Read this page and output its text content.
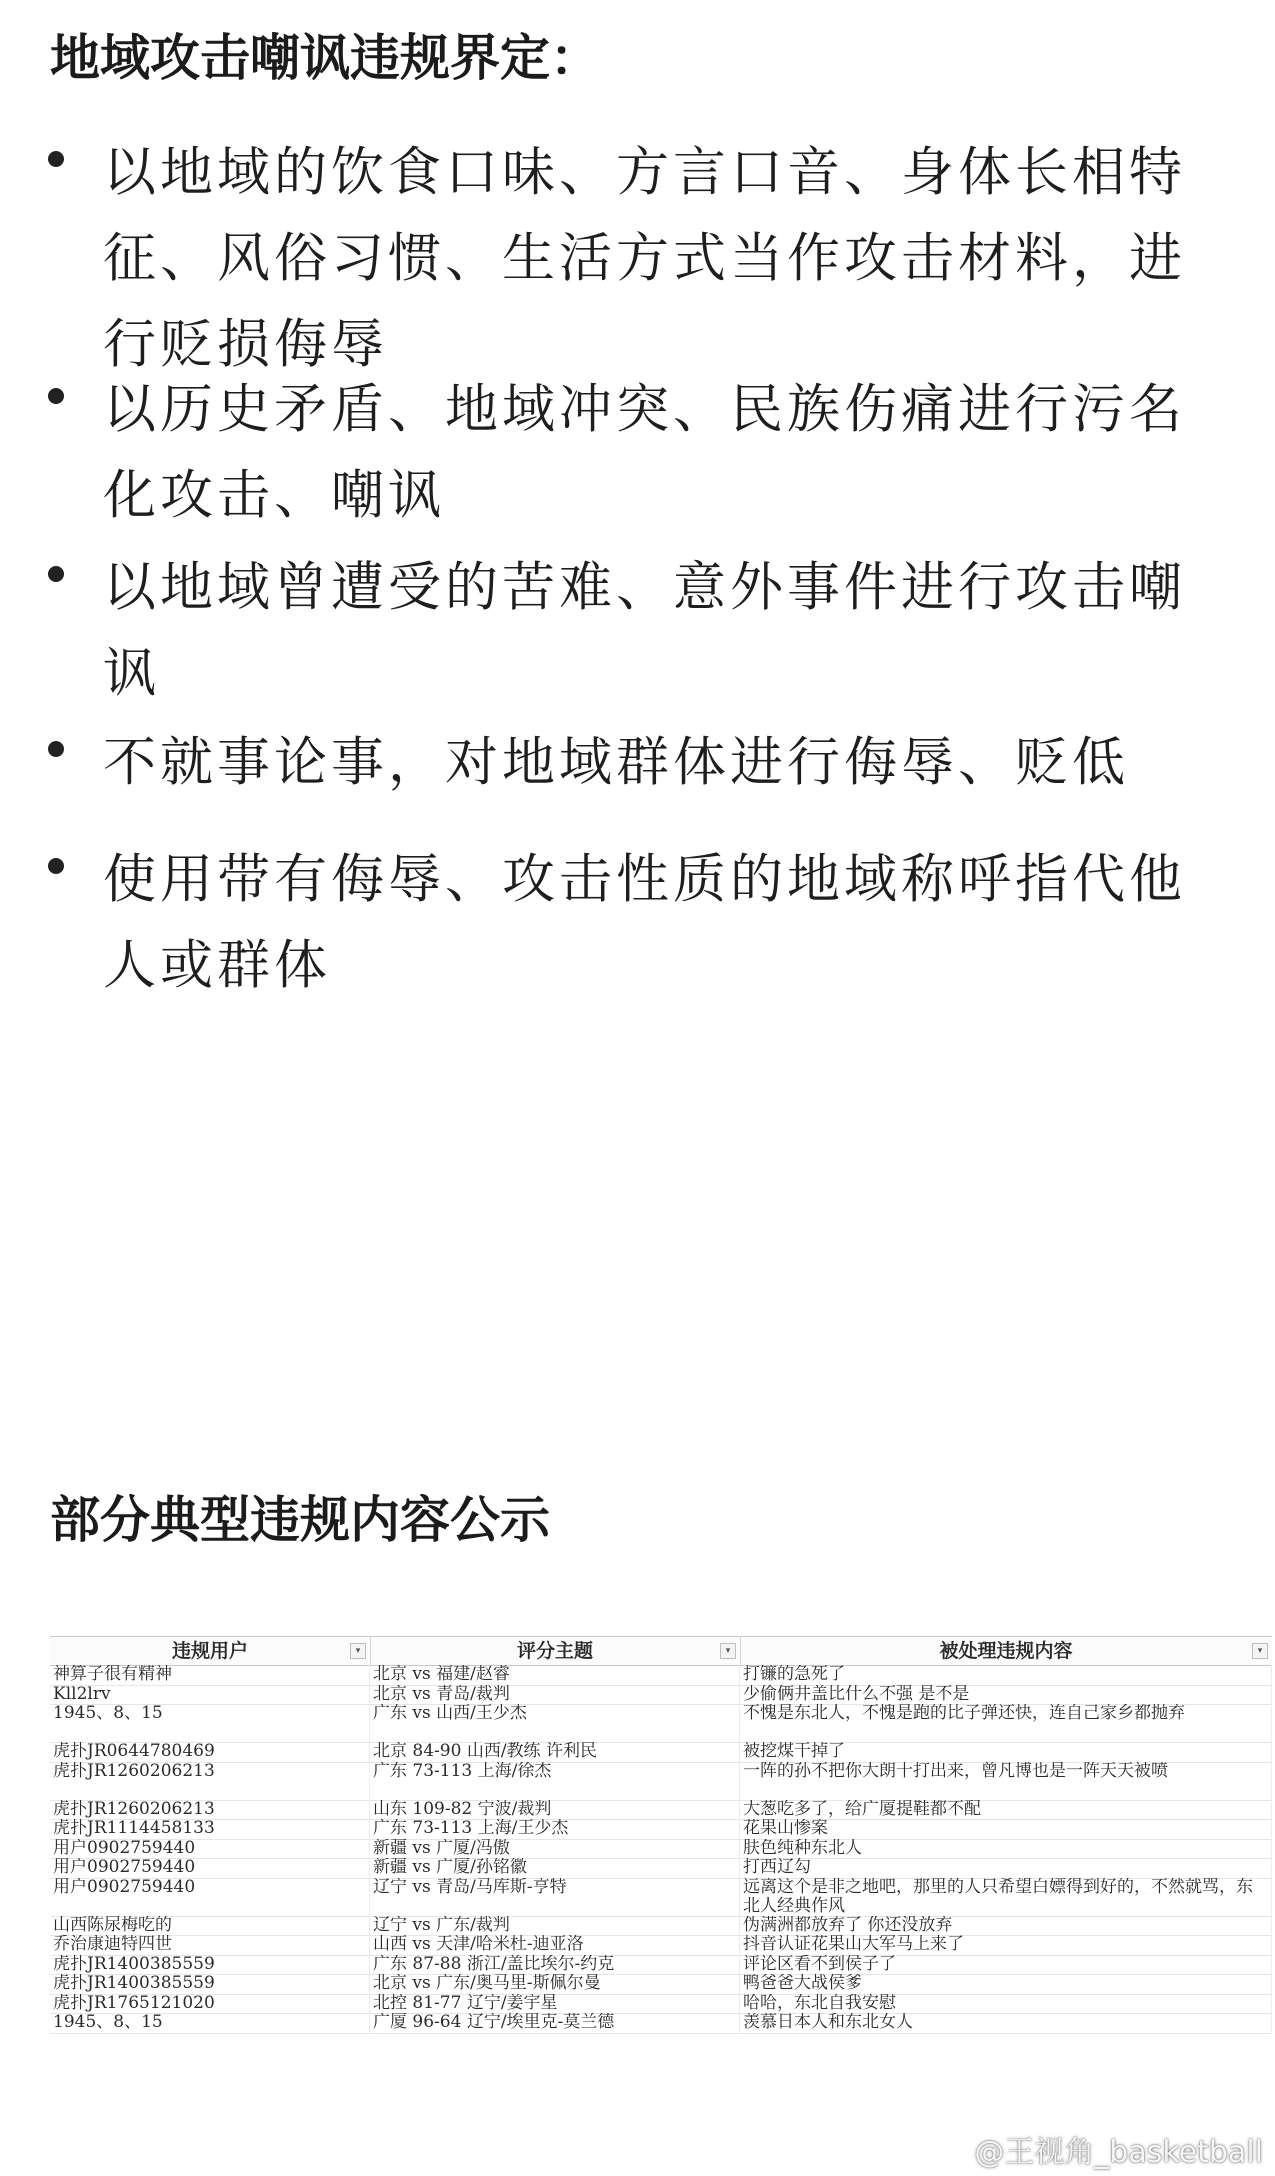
地域攻击嘲讽违规界定：
以地域的饮食口味、方言口音、身体长相特征、风俗习惯、生活方式当作攻击材料，进行贬损侮辱
以历史矛盾、地域冲突、民族伤痛进行污名化攻击、嘲讽
以地域曾遭受的苦难、意外事件进行攻击嘲讽
不就事论事，对地域群体进行侮辱、贬低
使用带有侮辱、攻击性质的地域称呼指代他人或群体
部分典型违规内容公示
违规用户	▾	评分主题	▾	被处理违规内容	▾
神算子很有精神	北京 vs 福建/赵睿	打镰的急死了
Kll2lrv	北京 vs 青岛/裁判	少偷俩井盖比什么不强 是不是
1945、8、15	广东 vs 山西/王少杰	不愧是东北人，不愧是跑的比子弹还快，连自己家乡都抛弃
虎扑JR0644780469	北京 84-90 山西/教练 许利民	被挖煤干掉了
虎扑JR1260206213	广东 73-113 上海/徐杰	一阵的孙不把你大朗十打出来，曾凡博也是一阵天天被喷
虎扑JR1260206213	山东 109-82 宁波/裁判	大葱吃多了，给广厦提鞋都不配
虎扑JR1114458133	广东 73-113 上海/王少杰	花果山惨案
用户0902759440	新疆 vs 广厦/冯傲	肤色纯种东北人
用户0902759440	新疆 vs 广厦/孙铭徽	打西辽勾
用户0902759440	辽宁 vs 青岛/马库斯-亨特	远离这个是非之地吧，那里的人只希望白嫖得到好的，不然就骂，东北人经典作风
山西陈尿梅吃的	辽宁 vs 广东/裁判	伪满洲都放弃了 你还没放弃
乔治康迪特四世	山西 vs 天津/哈米杜-迪亚洛	抖音认证花果山大军马上来了
虎扑JR1400385559	广东 87-88 浙江/盖比埃尔-约克	评论区看不到侯子了
虎扑JR1400385559	北京 vs 广东/奥马里-斯佩尔曼	鸭爸爸大战侯爹
虎扑JR1765121020	北控 81-77 辽宁/姜宇星	哈哈，东北自我安慰
1945、8、15	广厦 96-64 辽宁/埃里克-莫兰德	羡慕日本人和东北女人
@王视角_basketball
